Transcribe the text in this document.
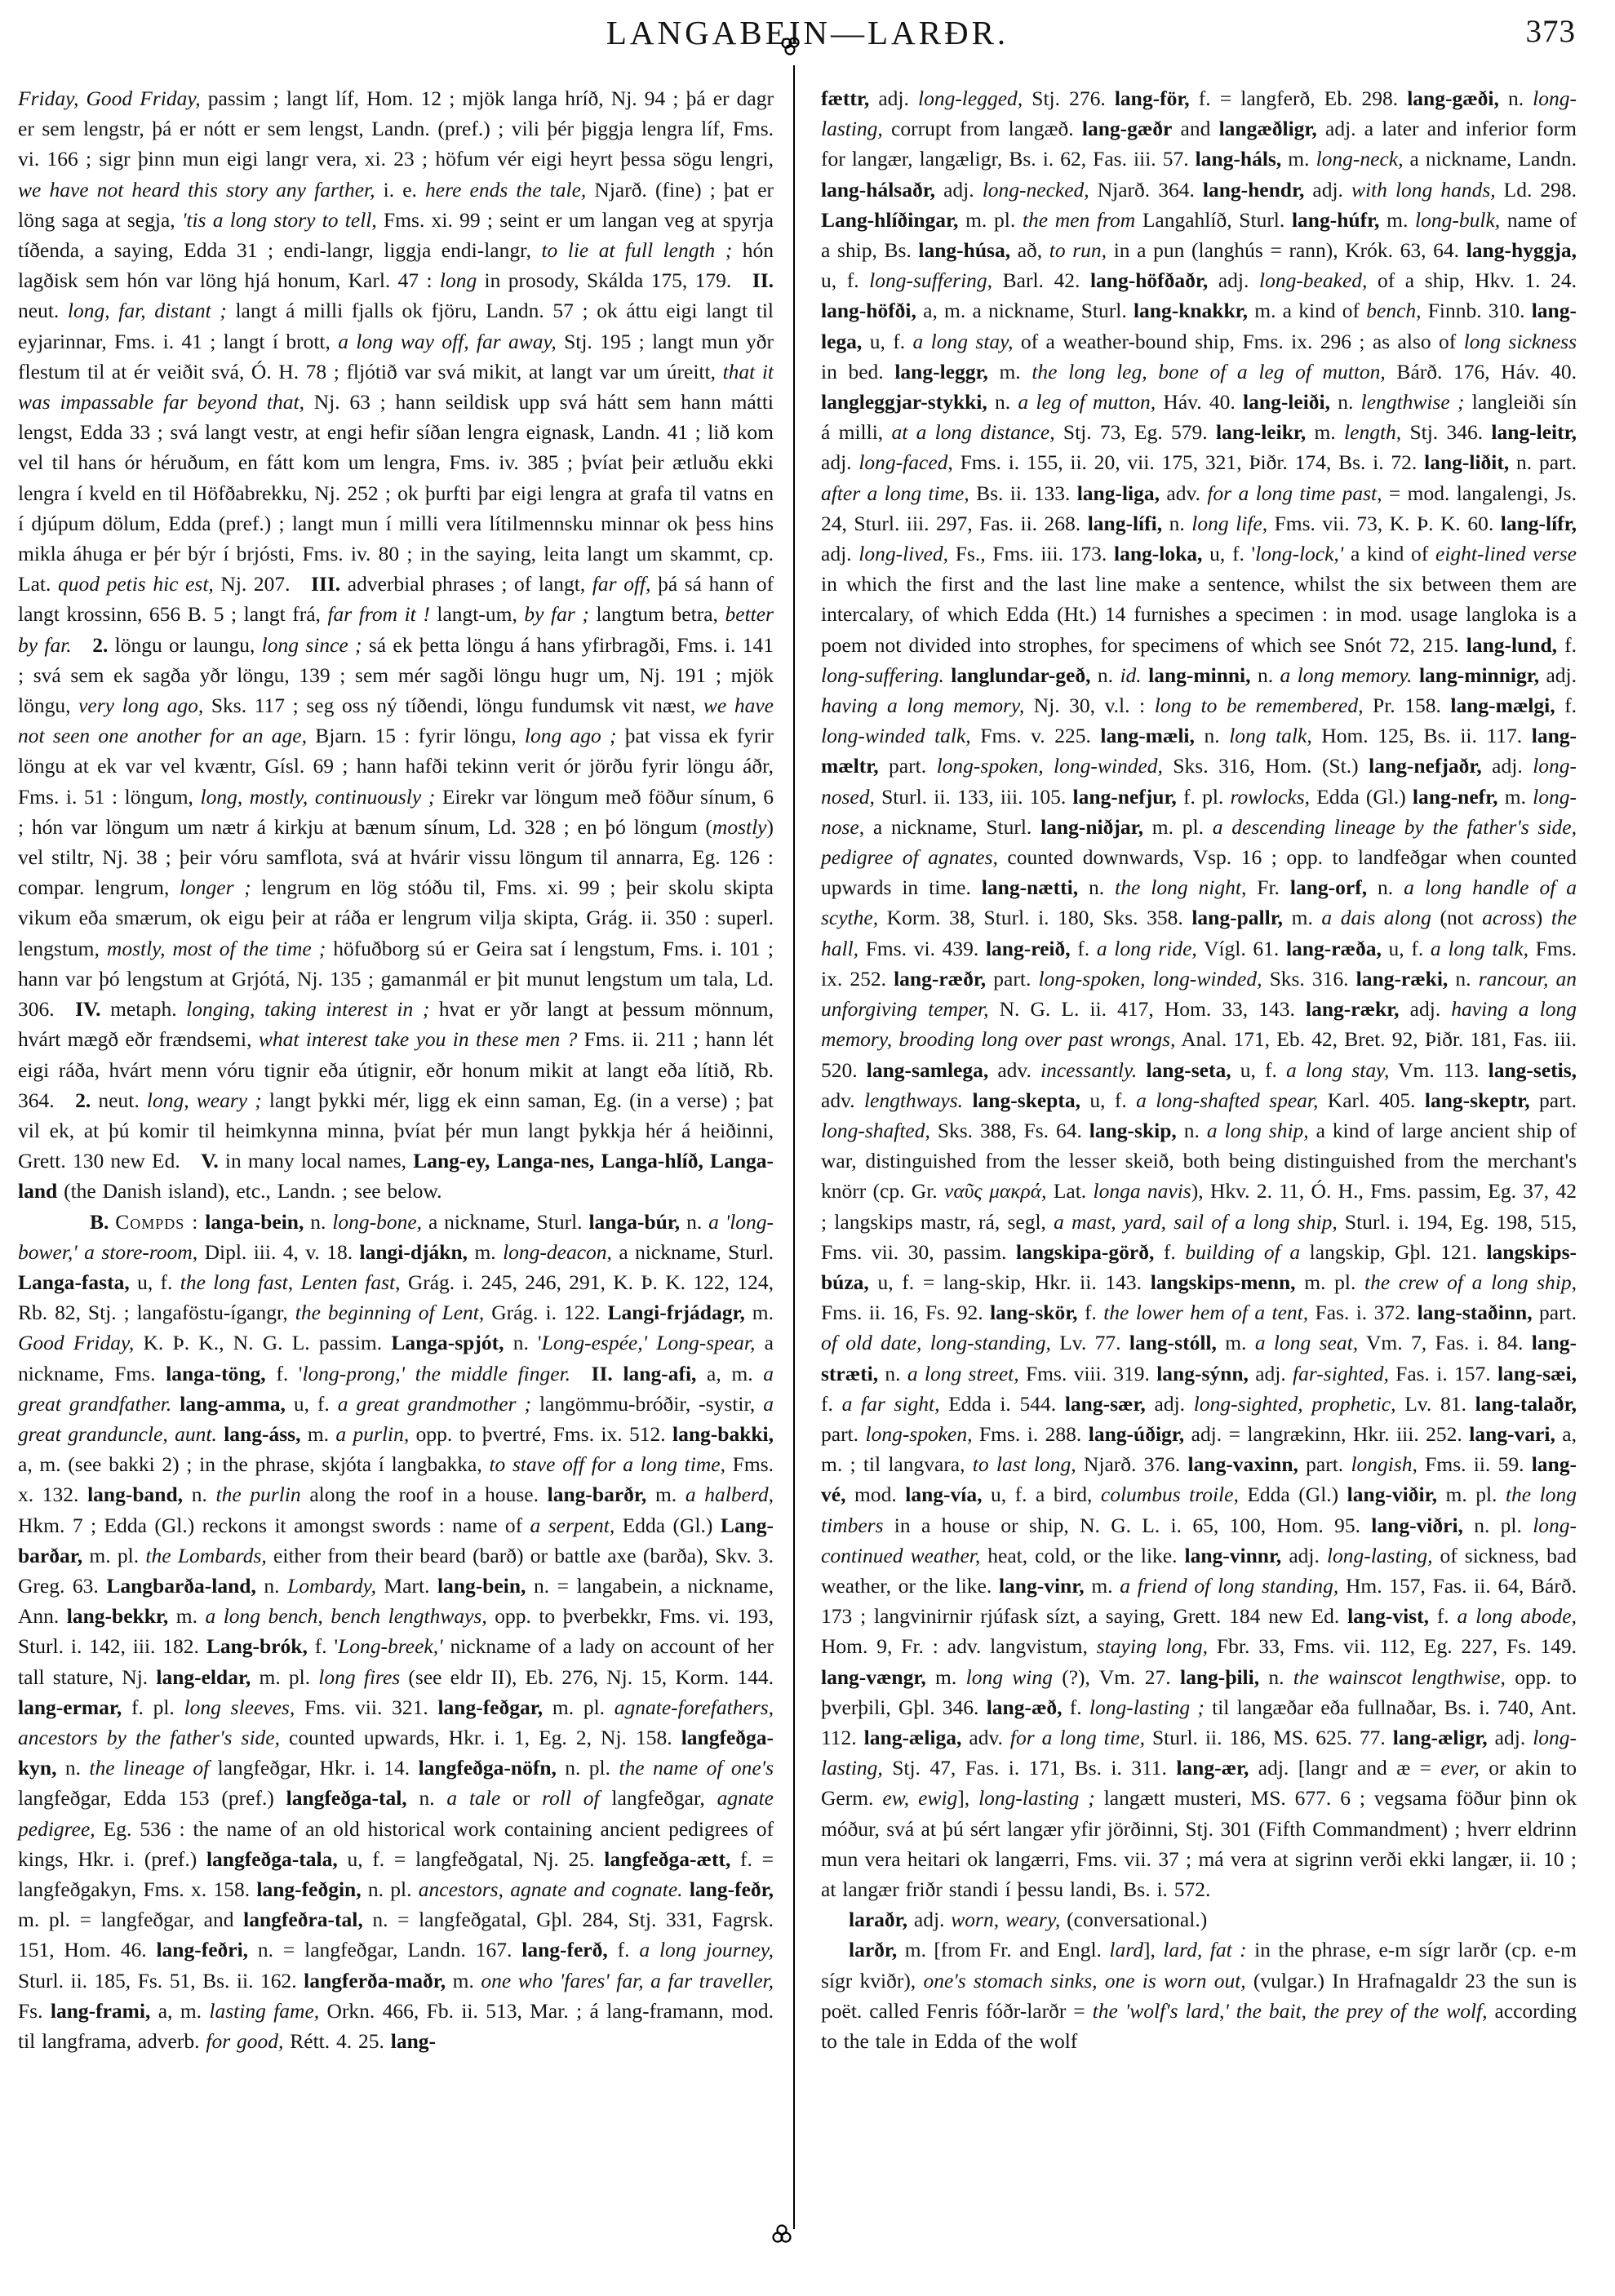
LANGABEIN—LARÐR.	373

Friday, Good Friday, passim ; langt líf, Hom. 12 ; mjök langa hríð, Nj. 94 ; þá er dagr er sem lengstr, þá er nótt er sem lengst, Landn. (pref.) ; vili þér þiggja lengra líf, Fms. vi. 166 ; sigr þinn mun eigi langr vera, xi. 23 ; höfum vér eigi heyrt þessa sögu lengri, we have not heard this story any farther, i. e. here ends the tale, Njarð. (fine) ; þat er löng saga at segja, 'tis a long story to tell, Fms. xi. 99 ; seint er um langan veg at spyrja tíðenda, a saying, Edda 31 ; endi-langr, liggja endi-langr, to lie at full length ; hón lagðisk sem hón var löng hjá honum, Karl. 47 : long in prosody, Skálda 175, 179. II. neut. long, far, distant ; langt á milli fjalls ok fjöru, Landn. 57 ; ok áttu eigi langt til eyjarinnar, Fms. i. 41 ; langt í brott, a long way off, far away, Stj. 195 ; langt mun yðr flestum til at ér veiðit svá, Ó. H. 78 ; fljótið var svá mikit, at langt var um úreitt, that it was impassable far beyond that, Nj. 63 ; hann seildisk upp svá hátt sem hann mátti lengst, Edda 33 ; svá langt vestr, at engi hefir síðan lengra eignask, Landn. 41 ; lið kom vel til hans ór héruðum, en fátt kom um lengra, Fms. iv. 385 ; þvíat þeir ætluðu ekki lengra í kveld en til Höfðabrekku, Nj. 252 ; ok þurfti þar eigi lengra at grafa til vatns en í djúpum dölum, Edda (pref.) ; langt mun í milli vera lítilmennsku minnar ok þess hins mikla áhuga er þér býr í brjósti, Fms. iv. 80 ; in the saying, leita langt um skammt, cp. Lat. quod petis hic est, Nj. 207. III. adverbial phrases ; of langt, far off, þá sá hann of langt krossinn, 656 B. 5 ; langt frá, far from it ! langt-um, by far ; langtum betra, better by far. 2. löngu or laungu, long since ; sá ek þetta löngu á hans yfirbragði, Fms. i. 141 ; svá sem ek sagða yðr löngu, 139 ; sem mér sagði löngu hugr um, Nj. 191 ; mjök löngu, very long ago, Sks. 117 ; seg oss ný tíðendi, löngu fundumsk vit næst, we have not seen one another for an age, Bjarn. 15 : fyrir löngu, long ago ; þat vissa ek fyrir löngu at ek var vel kvæntr, Gísl. 69 ; hann hafði tekinn verit ór jörðu fyrir löngu áðr, Fms. i. 51 : löngum, long, mostly, continuously ; Eirekr var löngum með föður sínum, 6 ; hón var löngum um nætr á kirkju at bænum sínum, Ld. 328 ; en þó löngum (mostly) vel stiltr, Nj. 38 ; þeir vóru samflota, svá at hvárir vissu löngum til annarra, Eg. 126 : compar. lengrum, longer ; lengrum en lög stóðu til, Fms. xi. 99 ; þeir skolu skipta vikum eða smærum, ok eigu þeir at ráða er lengrum vilja skipta, Grág. ii. 350 : superl. lengstum, mostly, most of the time ; höfuðborg sú er Geira sat í lengstum, Fms. i. 101 ; hann var þó lengstum at Grjótá, Nj. 135 ; gamanmál er þit munut lengstum um tala, Ld. 306. IV. metaph. longing, taking interest in ; hvat er yðr langt at þessum mönnum, hvárt mægð eðr frændsemi, what interest take you in these men ? Fms. ii. 211 ; hann lét eigi ráða, hvárt menn vóru tignir eða útignir, eðr honum mikit at langt eða lítið, Rb. 364. 2. neut. long, weary ; langt þykki mér, ligg ek einn saman, Eg. (in a verse) ; þat vil ek, at þú komir til heimkynna minna, þvíat þér mun langt þykkja hér á heiðinni, Grett. 130 new Ed. V. in many local names, Lang-ey, Langa-nes, Langa-hlíð, Langa-land (the Danish island), etc., Landn. ; see below.

B. Compds : langa-bein, n. long-bone, a nickname, Sturl. langa-búr, n. a 'long-bower,' a store-room, Dipl. iii. 4, v. 18. langi-djákn, m. long-deacon, a nickname, Sturl. Langa-fasta, u, f. the long fast, Lenten fast, Grág. i. 245, 246, 291, K. Þ. K. 122, 124, Rb. 82, Stj. ; langaföstu-ígangr, the beginning of Lent, Grág. i. 122. Langi-frjádagr, m. Good Friday, K. Þ. K., N. G. L. passim. Langa-spjót, n. 'Long-espée,' Long-spear, a nickname, Fms. langa-töng, f. 'long-prong,' the middle finger. II. lang-afi, a, m. a great grandfather. lang-amma, u, f. a great grandmother ; langömmu-bróðir, -systir, a great granduncle, aunt. lang-áss, m. a purlin, opp. to þvertré, Fms. ix. 512. lang-bakki, a, m. (see bakki 2) ; in the phrase, skjóta í langbakka, to stave off for a long time, Fms. x. 132. lang-band, n. the purlin along the roof in a house. lang-barðr, m. a halberd, Hkm. 7 ; Edda (Gl.) reckons it amongst swords : name of a serpent, Edda (Gl.) Lang-barðar, m. pl. the Lombards, either from their beard (barð) or battle axe (barða), Skv. 3. Greg. 63. Langbarða-land, n. Lombardy, Mart. lang-bein, n. = langabein, a nickname, Ann. lang-bekkr, m. a long bench, bench lengthways, opp. to þverbekkr, Fms. vi. 193, Sturl. i. 142, iii. 182. Lang-brók, f. 'Long-breek,' nickname of a lady on account of her tall stature, Nj. lang-eldar, m. pl. long fires (see eldr II), Eb. 276, Nj. 15, Korm. 144. lang-ermar, f. pl. long sleeves, Fms. vii. 321. lang-feðgar, m. pl. agnate-forefathers, ancestors by the father's side, counted upwards, Hkr. i. 1, Eg. 2, Nj. 158. langfeðga-kyn, n. the lineage of langfeðgar, Hkr. i. 14. langfeðga-nöfn, n. pl. the name of one's langfeðgar, Edda 153 (pref.) langfeðga-tal, n. a tale or roll of langfeðgar, agnate pedigree, Eg. 536 : the name of an old historical work containing ancient pedigrees of kings, Hkr. i. (pref.) langfeðga-tala, u, f. = langfeðgatal, Nj. 25. langfeðga-ætt, f. = langfeðgakyn, Fms. x. 158. lang-feðgin, n. pl. ancestors, agnate and cognate. lang-feðr, m. pl. = langfeðgar, and langfeðra-tal, n. = langfeðgatal, Gþl. 284, Stj. 331, Fagrsk. 151, Hom. 46. lang-feðri, n. = langfeðgar, Landn. 167. lang-ferð, f. a long journey, Sturl. ii. 185, Fs. 51, Bs. ii. 162. langferða-maðr, m. one who 'fares' far, a far traveller, Fs. lang-frami, a, m. lasting fame, Orkn. 466, Fb. ii. 513, Mar. ; á lang-framann, mod. til langframa, adverb. for good, Rétt. 4. 25. lang-

fættr, adj. long-legged, Stj. 276. lang-för, f. = langferð, Eb. 298. lang-gæði, n. long-lasting, corrupt from langæð. lang-gæðr and langæðligr, adj. a later and inferior form for langær, langæligr, Bs. i. 62, Fas. iii. 57. lang-háls, m. long-neck, a nickname, Landn. lang-hálsaðr, adj. long-necked, Njarð. 364. lang-hendr, adj. with long hands, Ld. 298. Lang-hlíðingar, m. pl. the men from Langahlíð, Sturl. lang-húfr, m. long-bulk, name of a ship, Bs. lang-húsa, að, to run, in a pun (langhús = rann), Krók. 63, 64. lang-hyggja, u, f. long-suffering, Barl. 42. lang-höfðaðr, adj. long-beaked, of a ship, Hkv. 1. 24. lang-höfði, a, m. a nickname, Sturl. lang-knakkr, m. a kind of bench, Finnb. 310. lang-lega, u, f. a long stay, of a weather-bound ship, Fms. ix. 296 ; as also of long sickness in bed. lang-leggr, m. the long leg, bone of a leg of mutton, Bárð. 176, Háv. 40. langleggjar-stykki, n. a leg of mutton, Háv. 40. lang-leiði, n. lengthwise ; langleiði sín á milli, at a long distance, Stj. 73, Eg. 579. lang-leikr, m. length, Stj. 346. lang-leitr, adj. long-faced, Fms. i. 155, ii. 20, vii. 175, 321, Þiðr. 174, Bs. i. 72. lang-liðit, n. part. after a long time, Bs. ii. 133. lang-liga, adv. for a long time past, = mod. langalengi, Js. 24, Sturl. iii. 297, Fas. ii. 268. lang-lífi, n. long life, Fms. vii. 73, K. Þ. K. 60. lang-lífr, adj. long-lived, Fs., Fms. iii. 173. lang-loka, u, f. 'long-lock,' a kind of eight-lined verse in which the first and the last line make a sentence, whilst the six between them are intercalary, of which Edda (Ht.) 14 furnishes a specimen : in mod. usage langloka is a poem not divided into strophes, for specimens of which see Snót 72, 215. lang-lund, f. long-suffering. langlundar-geð, n. id. lang-minni, n. a long memory. lang-minnigr, adj. having a long memory, Nj. 30, v.l. : long to be remembered, Pr. 158. lang-mælgi, f. long-winded talk, Fms. v. 225. lang-mæli, n. long talk, Hom. 125, Bs. ii. 117. lang-mæltr, part. long-spoken, long-winded, Sks. 316, Hom. (St.) lang-nefjaðr, adj. long-nosed, Sturl. ii. 133, iii. 105. lang-nefjur, f. pl. rowlocks, Edda (Gl.) lang-nefr, m. long-nose, a nickname, Sturl. lang-niðjar, m. pl. a descending lineage by the father's side, pedigree of agnates, counted downwards, Vsp. 16 ; opp. to landfeðgar when counted upwards in time. lang-nætti, n. the long night, Fr. lang-orf, n. a long handle of a scythe, Korm. 38, Sturl. i. 180, Sks. 358. lang-pallr, m. a dais along (not across) the hall, Fms. vi. 439. lang-reið, f. a long ride, Vígl. 61. lang-ræða, u, f. a long talk, Fms. ix. 252. lang-ræðr, part. long-spoken, long-winded, Sks. 316. lang-ræki, n. rancour, an unforgiving temper, N. G. L. ii. 417, Hom. 33, 143. lang-rækr, adj. having a long memory, brooding long over past wrongs, Anal. 171, Eb. 42, Bret. 92, Þiðr. 181, Fas. iii. 520. lang-samlega, adv. incessantly. lang-seta, u, f. a long stay, Vm. 113. lang-setis, adv. lengthways. lang-skepta, u, f. a long-shafted spear, Karl. 405. lang-skeptr, part. long-shafted, Sks. 388, Fs. 64. lang-skip, n. a long ship, a kind of large ancient ship of war, distinguished from the lesser skeið, both being distinguished from the merchant's knörr (cp. Gr. ναῦς μακρά, Lat. longa navis), Hkv. 2. 11, Ó. H., Fms. passim, Eg. 37, 42 ; langskips mastr, rá, segl, a mast, yard, sail of a long ship, Sturl. i. 194, Eg. 198, 515, Fms. vii. 30, passim. langskipa-görð, f. building of a langskip, Gþl. 121. langskips-búza, u, f. = lang-skip, Hkr. ii. 143. langskips-menn, m. pl. the crew of a long ship, Fms. ii. 16, Fs. 92. lang-skör, f. the lower hem of a tent, Fas. i. 372. lang-staðinn, part. of old date, long-standing, Lv. 77. lang-stóll, m. a long seat, Vm. 7, Fas. i. 84. lang-stræti, n. a long street, Fms. viii. 319. lang-sýnn, adj. far-sighted, Fas. i. 157. lang-sæi, f. a far sight, Edda i. 544. lang-sær, adj. long-sighted, prophetic, Lv. 81. lang-talaðr, part. long-spoken, Fms. i. 288. lang-úðigr, adj. = langrækinn, Hkr. iii. 252. lang-vari, a, m. ; til langvara, to last long, Njarð. 376. lang-vaxinn, part. longish, Fms. ii. 59. lang-vé, mod. lang-vía, u, f. a bird, columbus troile, Edda (Gl.) lang-viðir, m. pl. the long timbers in a house or ship, N. G. L. i. 65, 100, Hom. 95. lang-viðri, n. pl. long-continued weather, heat, cold, or the like. lang-vinnr, adj. long-lasting, of sickness, bad weather, or the like. lang-vinr, m. a friend of long standing, Hm. 157, Fas. ii. 64, Bárð. 173 ; langvinirnir rjúfask sízt, a saying, Grett. 184 new Ed. lang-vist, f. a long abode, Hom. 9, Fr. : adv. langvistum, staying long, Fbr. 33, Fms. vii. 112, Eg. 227, Fs. 149. lang-vængr, m. long wing (?), Vm. 27. lang-þili, n. the wainscot lengthwise, opp. to þverþili, Gþl. 346. lang-æð, f. long-lasting ; til langæðar eða fullnaðar, Bs. i. 740, Ant. 112. lang-æliga, adv. for a long time, Sturl. ii. 186, MS. 625. 77. lang-æligr, adj. long-lasting, Stj. 47, Fas. i. 171, Bs. i. 311. lang-ær, adj. [langr and æ = ever, or akin to Germ. ew, ewig], long-lasting ; langætt musteri, MS. 677. 6 ; vegsama föður þinn ok móður, svá at þú sért langær yfir jörðinni, Stj. 301 (Fifth Commandment) ; hverr eldrinn mun vera heitari ok langærri, Fms. vii. 37 ; má vera at sigrinn verði ekki langær, ii. 10 ; at langær friðr standi í þessu landi, Bs. i. 572.

laraðr, adj. worn, weary, (conversational.)

larðr, m. [from Fr. and Engl. lard], lard, fat : in the phrase, e-m sígr larðr (cp. e-m sígr kviðr), one's stomach sinks, one is worn out, (vulgar.) In Hrafnagaldr 23 the sun is poët. called Fenris fóðr-larðr = the 'wolf's lard,' the bait, the prey of the wolf, according to the tale in Edda of the wolf
